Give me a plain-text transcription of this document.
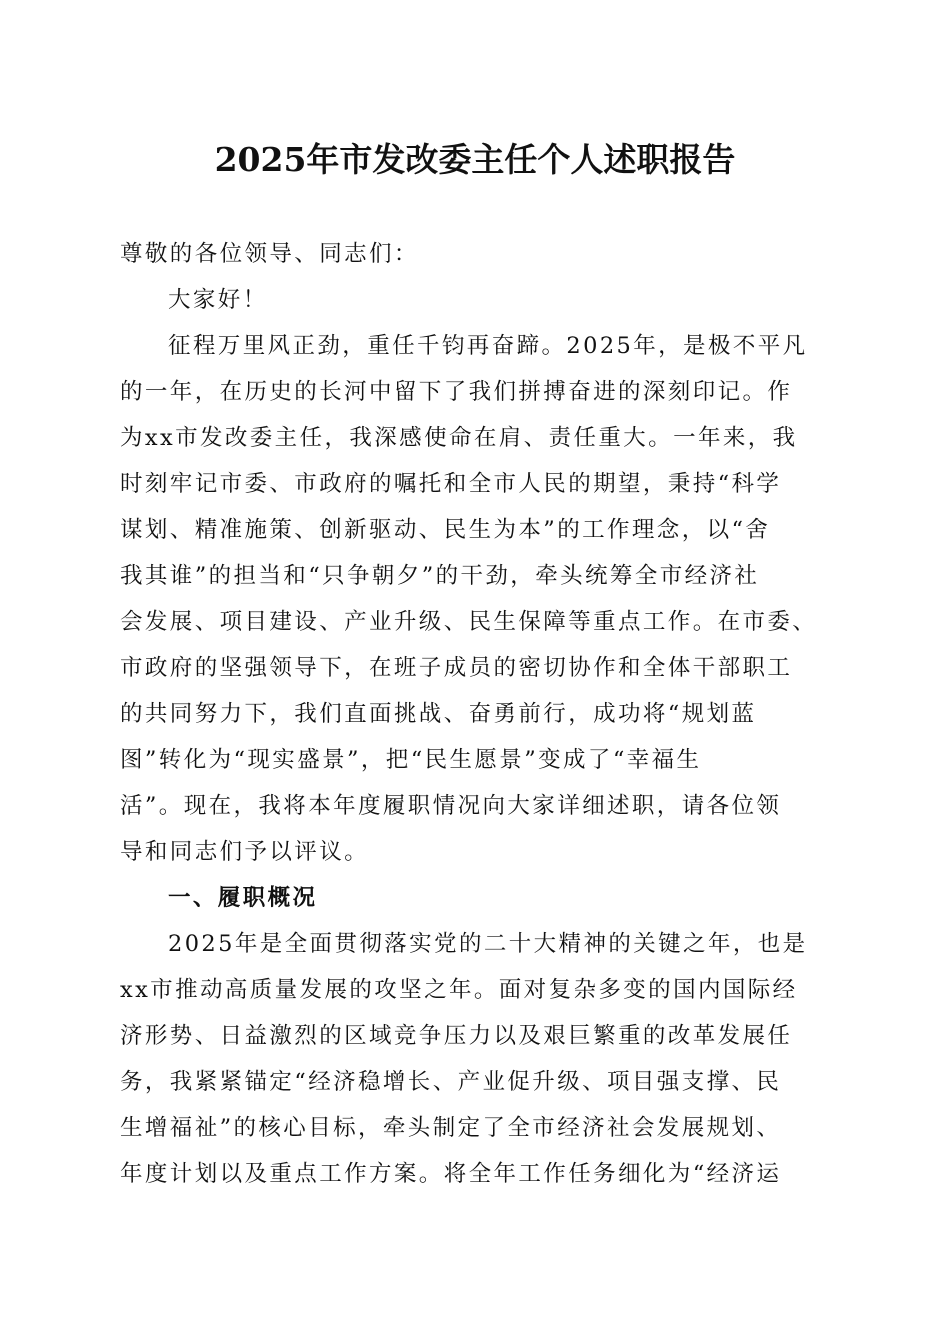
2025年市发改委主任个人述职报告
尊敬的各位领导、同志们：
大家好！
征程万里风正劲，重任千钧再奋蹄。2025年，是极不平凡
的一年，在历史的长河中留下了我们拼搏奋进的深刻印记。作
为xx市发改委主任，我深感使命在肩、责任重大。一年来，我
时刻牢记市委、市政府的嘱托和全市人民的期望，秉持“科学
谋划、精准施策、创新驱动、民生为本”的工作理念，以“舍
我其谁”的担当和“只争朝夕”的干劲，牵头统筹全市经济社
会发展、项目建设、产业升级、民生保障等重点工作。在市委、
市政府的坚强领导下，在班子成员的密切协作和全体干部职工
的共同努力下，我们直面挑战、奋勇前行，成功将“规划蓝
图”转化为“现实盛景”，把“民生愿景”变成了“幸福生
活”。现在，我将本年度履职情况向大家详细述职，请各位领
导和同志们予以评议。
一、履职概况
2025年是全面贯彻落实党的二十大精神的关键之年，也是
xx市推动高质量发展的攻坚之年。面对复杂多变的国内国际经
济形势、日益激烈的区域竞争压力以及艰巨繁重的改革发展任
务，我紧紧锚定“经济稳增长、产业促升级、项目强支撑、民
生增福祉”的核心目标，牵头制定了全市经济社会发展规划、
年度计划以及重点工作方案。将全年工作任务细化为“经济运
